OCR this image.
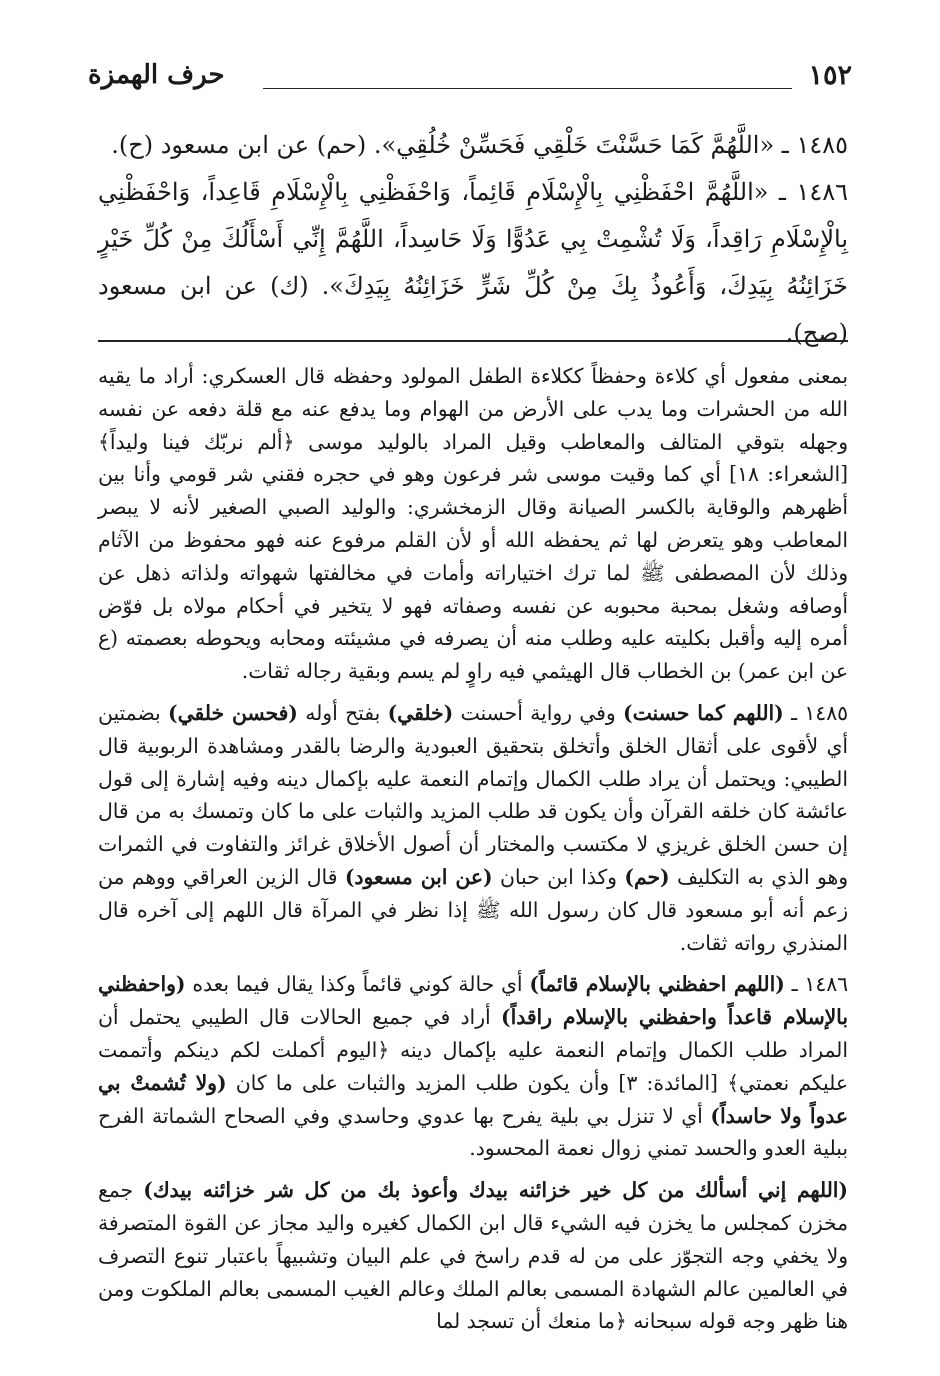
١٥٢
حرف الهمزة

١٤٨٥ ـ «اللَّهُمَّ كَمَا حَسَّنْتَ خَلْقِي فَحَسِّنْ خُلُقِي». (حم) عن ابن مسعود (ح).

١٤٨٦ ـ «اللَّهُمَّ احْفَظْنِي بِالْإِسْلَامِ قَائِماً، وَاحْفَظْنِي بِالْإِسْلَامِ قَاعِداً، وَاحْفَظْنِي بِالْإِسْلَامِ رَاقِداً، وَلَا تُشْمِتْ بِي عَدُوًّا وَلَا حَاسِداً، اللَّهُمَّ إِنِّي أَسْأَلُكَ مِنْ كُلِّ خَيْرٍ خَزَائِنُهُ بِيَدِكَ، وَأَعُوذُ بِكَ مِنْ كُلِّ شَرٍّ خَزَائِنُهُ بِيَدِكَ». (ك) عن ابن مسعود (صح).

بمعنى مفعول أي كلاءة وحفظاً ككلاءة الطفل المولود وحفظه قال العسكري: أراد ما يقيه الله من الحشرات وما يدب على الأرض من الهوام وما يدفع عنه مع قلة دفعه عن نفسه وجهله بتوقي المتالف والمعاطب وقيل المراد بالوليد موسى ﴿ألم نربّك فينا وليداً﴾ [الشعراء: ١٨] أي كما وقيت موسى شر فرعون وهو في حجره فقني شر قومي وأنا بين أظهرهم والوقاية بالكسر الصيانة وقال الزمخشري: والوليد الصبي الصغير لأنه لا يبصر المعاطب وهو يتعرض لها ثم يحفظه الله أو لأن القلم مرفوع عنه فهو محفوظ من الآثام وذلك لأن المصطفى ﷺ لما ترك اختياراته وأمات في مخالفتها شهواته ولذاته ذهل عن أوصافه وشغل بمحبة محبوبه عن نفسه وصفاته فهو لا يتخير في أحكام مولاه بل فوّض أمره إليه وأقبل بكليته عليه وطلب منه أن يصرفه في مشيئته ومحابه ويحوطه بعصمته (ع عن ابن عمر) بن الخطاب قال الهيثمي فيه راوٍ لم يسم وبقية رجاله ثقات.

١٤٨٥ ـ (اللهم كما حسنت) وفي رواية أحسنت (خلقي) بفتح أوله (فحسن خلقي) بضمتين أي لأقوى على أثقال الخلق وأتخلق بتحقيق العبودية والرضا بالقدر ومشاهدة الربوبية قال الطيبي: ويحتمل أن يراد طلب الكمال وإتمام النعمة عليه بإكمال دينه وفيه إشارة إلى قول عائشة كان خلقه القرآن وأن يكون قد طلب المزيد والثبات على ما كان وتمسك به من قال إن حسن الخلق غريزي لا مكتسب والمختار أن أصول الأخلاق غرائز والتفاوت في الثمرات وهو الذي به التكليف (حم) وكذا ابن حبان (عن ابن مسعود) قال الزين العراقي ووهم من زعم أنه أبو مسعود قال كان رسول الله ﷺ إذا نظر في المرآة قال اللهم إلى آخره قال المنذري رواته ثقات.

١٤٨٦ ـ (اللهم احفظني بالإسلام قائماً) أي حالة كوني قائماً وكذا يقال فيما بعده (واحفظني بالإسلام قاعداً واحفظني بالإسلام راقداً) أراد في جميع الحالات قال الطيبي يحتمل أن المراد طلب الكمال وإتمام النعمة عليه بإكمال دينه ﴿اليوم أكملت لكم دينكم وأتممت عليكم نعمتي﴾ [المائدة: ٣] وأن يكون طلب المزيد والثبات على ما كان (ولا تُشمتْ بي عدواً ولا حاسداً) أي لا تنزل بي بلية يفرح بها عدوي وحاسدي وفي الصحاح الشماتة الفرح ببلية العدو والحسد تمني زوال نعمة المحسود.

(اللهم إني أسألك من كل خير خزائنه بيدك وأعوذ بك من كل شر خزائنه بيدك) جمع مخزن كمجلس ما يخزن فيه الشيء قال ابن الكمال كغيره واليد مجاز عن القوة المتصرفة ولا يخفي وجه التجوّز على من له قدم راسخ في علم البيان وتشبيهاً باعتبار تنوع التصرف في العالمين عالم الشهادة المسمى بعالم الملك وعالم الغيب المسمى بعالم الملكوت ومن هنا ظهر وجه قوله سبحانه ﴿ما منعك أن تسجد لما
